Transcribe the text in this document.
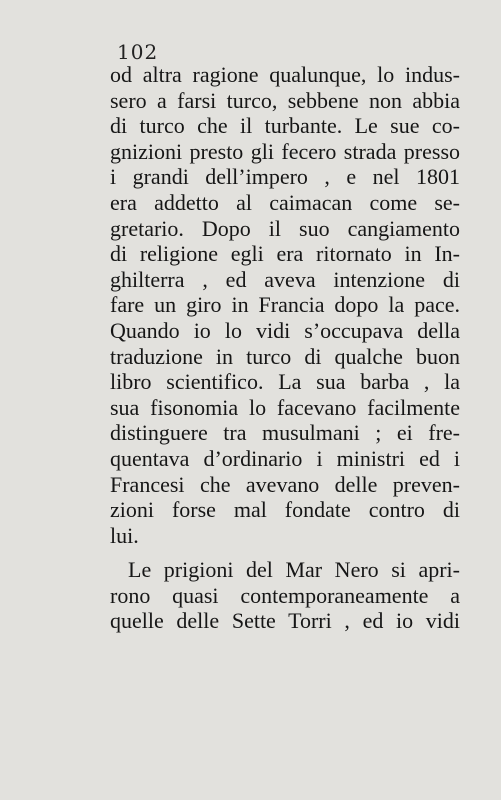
102
od altra ragione qualunque, lo indus-
sero a farsi turco, sebbene non abbia
di turco che il turbante. Le sue co-
gnizioni presto gli fecero strada presso
i grandi dell’impero , e nel 1801
era addetto al caimacan come se-
gretario. Dopo il suo cangiamento
di religione egli era ritornato in In-
ghilterra , ed aveva intenzione di
fare un giro in Francia dopo la pace.
Quando io lo vidi s’occupava della
traduzione in turco di qualche buon
libro scientifico. La sua barba , la
sua fisonomia lo facevano facilmente
distinguere tra musulmani ; ei fre-
quentava d’ordinario i ministri ed i
Francesi che avevano delle preven-
zioni forse mal fondate contro di
lui.
Le prigioni del Mar Nero si apri-
rono quasi contemporaneamente a
quelle delle Sette Torri , ed io vidi
